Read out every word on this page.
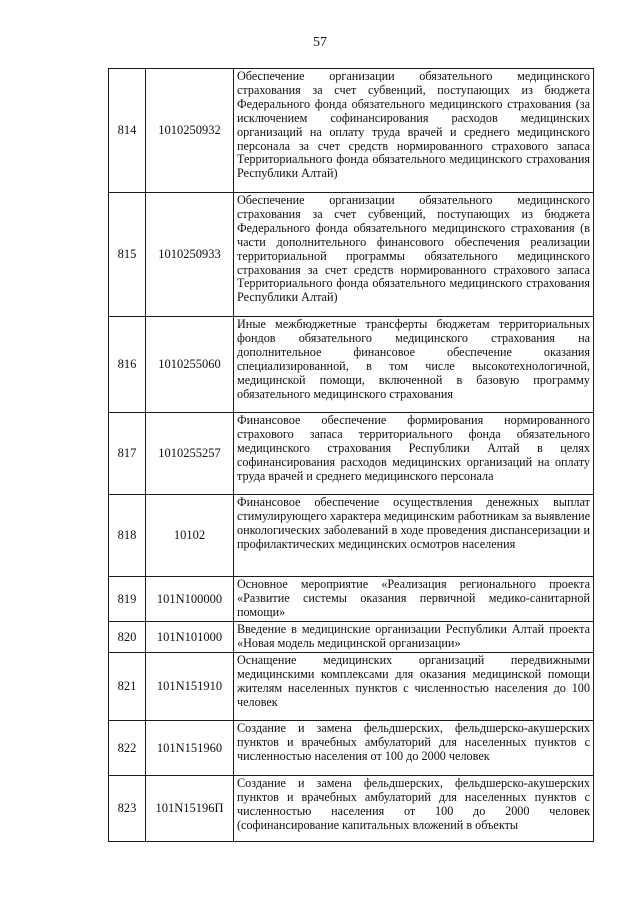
57
814	1010250932	Обеспечение организации обязательного медицинского страхования за счет субвенций, поступающих из бюджета Федерального фонда обязательного медицинского страхования (за исключением софинансирования расходов медицинских организаций на оплату труда врачей и среднего медицинского персонала за счет средств нормированного страхового запаса Территориального фонда обязательного медицинского страхования Республики Алтай)

815	1010250933	Обеспечение организации обязательного медицинского страхования за счет субвенций, поступающих из бюджета Федерального фонда обязательного медицинского страхования (в части дополнительного финансового обеспечения реализации территориальной программы обязательного медицинского страхования за счет средств нормированного страхового запаса Территориального фонда обязательного медицинского страхования Республики Алтай)

816	1010255060	Иные межбюджетные трансферты бюджетам территориальных фондов обязательного медицинского страхования на дополнительное финансовое обеспечение оказания специализированной, в том числе высокотехнологичной, медицинской помощи, включенной в базовую программу обязательного медицинского страхования

817	1010255257	Финансовое обеспечение формирования нормированного страхового запаса территориального фонда обязательного медицинского страхования Республики Алтай в целях софинансирования расходов медицинских организаций на оплату труда врачей и среднего медицинского персонала

818	10102	Финансовое обеспечение осуществления денежных выплат стимулирующего характера медицинским работникам за выявление онкологических заболеваний в ходе проведения диспансеризации и профилактических медицинских осмотров населения

819	101N100000	Основное мероприятие «Реализация регионального проекта «Развитие системы оказания первичной медико-санитарной помощи»

820	101N101000	Введение в медицинские организации Республики Алтай проекта «Новая модель медицинской организации»

821	101N151910	Оснащение медицинских организаций передвижными медицинскими комплексами для оказания медицинской помощи жителям населенных пунктов с численностью населения до 100 человек

822	101N151960	Создание и замена фельдшерских, фельдшерско-акушерских пунктов и врачебных амбулаторий для населенных пунктов с численностью населения от 100 до 2000 человек

823	101N15196П	Создание и замена фельдшерских, фельдшерско-акушерских пунктов и врачебных амбулаторий для населенных пунктов с численностью населения от 100 до 2000 человек (софинансирование капитальных вложений в объекты
